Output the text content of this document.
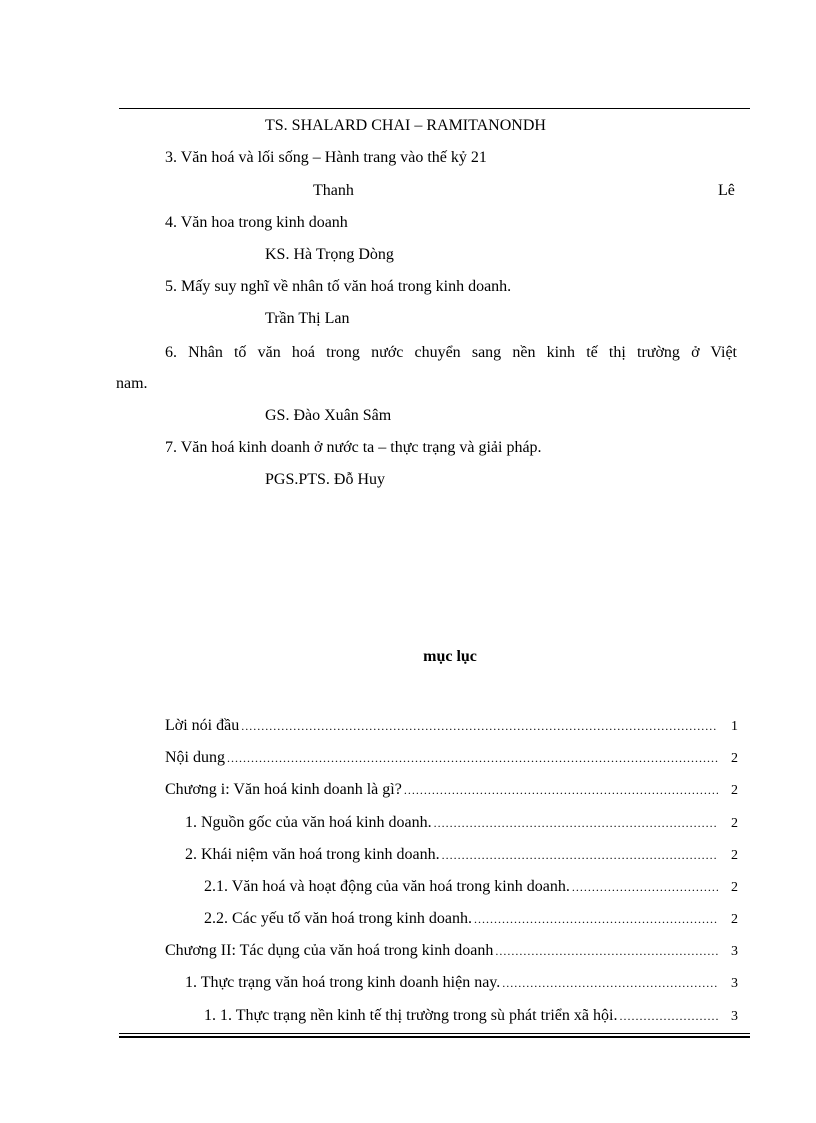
TS. SHALARD CHAI – RAMITANONDH
3. Văn hoá và lối sống – Hành trang vào thế kỷ 21
Thanh	Lê
4. Văn hoa trong kinh doanh
KS. Hà Trọng Dòng
5. Mấy suy nghĩ về nhân tố văn hoá trong kinh doanh.
Trần Thị Lan
6. Nhân tố văn hoá trong nước chuyển sang nền kinh tế thị trường ở Việt
nam.
GS. Đào Xuân Sâm
7. Văn hoá kinh doanh ở nước ta – thực trạng và giải pháp.
PGS.PTS. Đỗ Huy
mục lục
Lời nói đầu .....	1
Nội dung .....	2
Chương i: Văn hoá kinh doanh là gì? .....	2
1. Nguồn gốc của văn hoá kinh doanh. .....	2
2. Khái niệm văn hoá trong kinh doanh. .....	2
2.1. Văn hoá và hoạt động của văn hoá trong kinh doanh. .....	2
2.2. Các yếu tố văn hoá trong kinh doanh. .....	2
Chương II: Tác dụng của văn hoá trong kinh doanh .....	3
1. Thực trạng văn hoá trong kinh doanh hiện nay. .....	3
1. 1. Thực trạng nền kinh tế thị trường trong sù phát triển xã hội. .....	3
